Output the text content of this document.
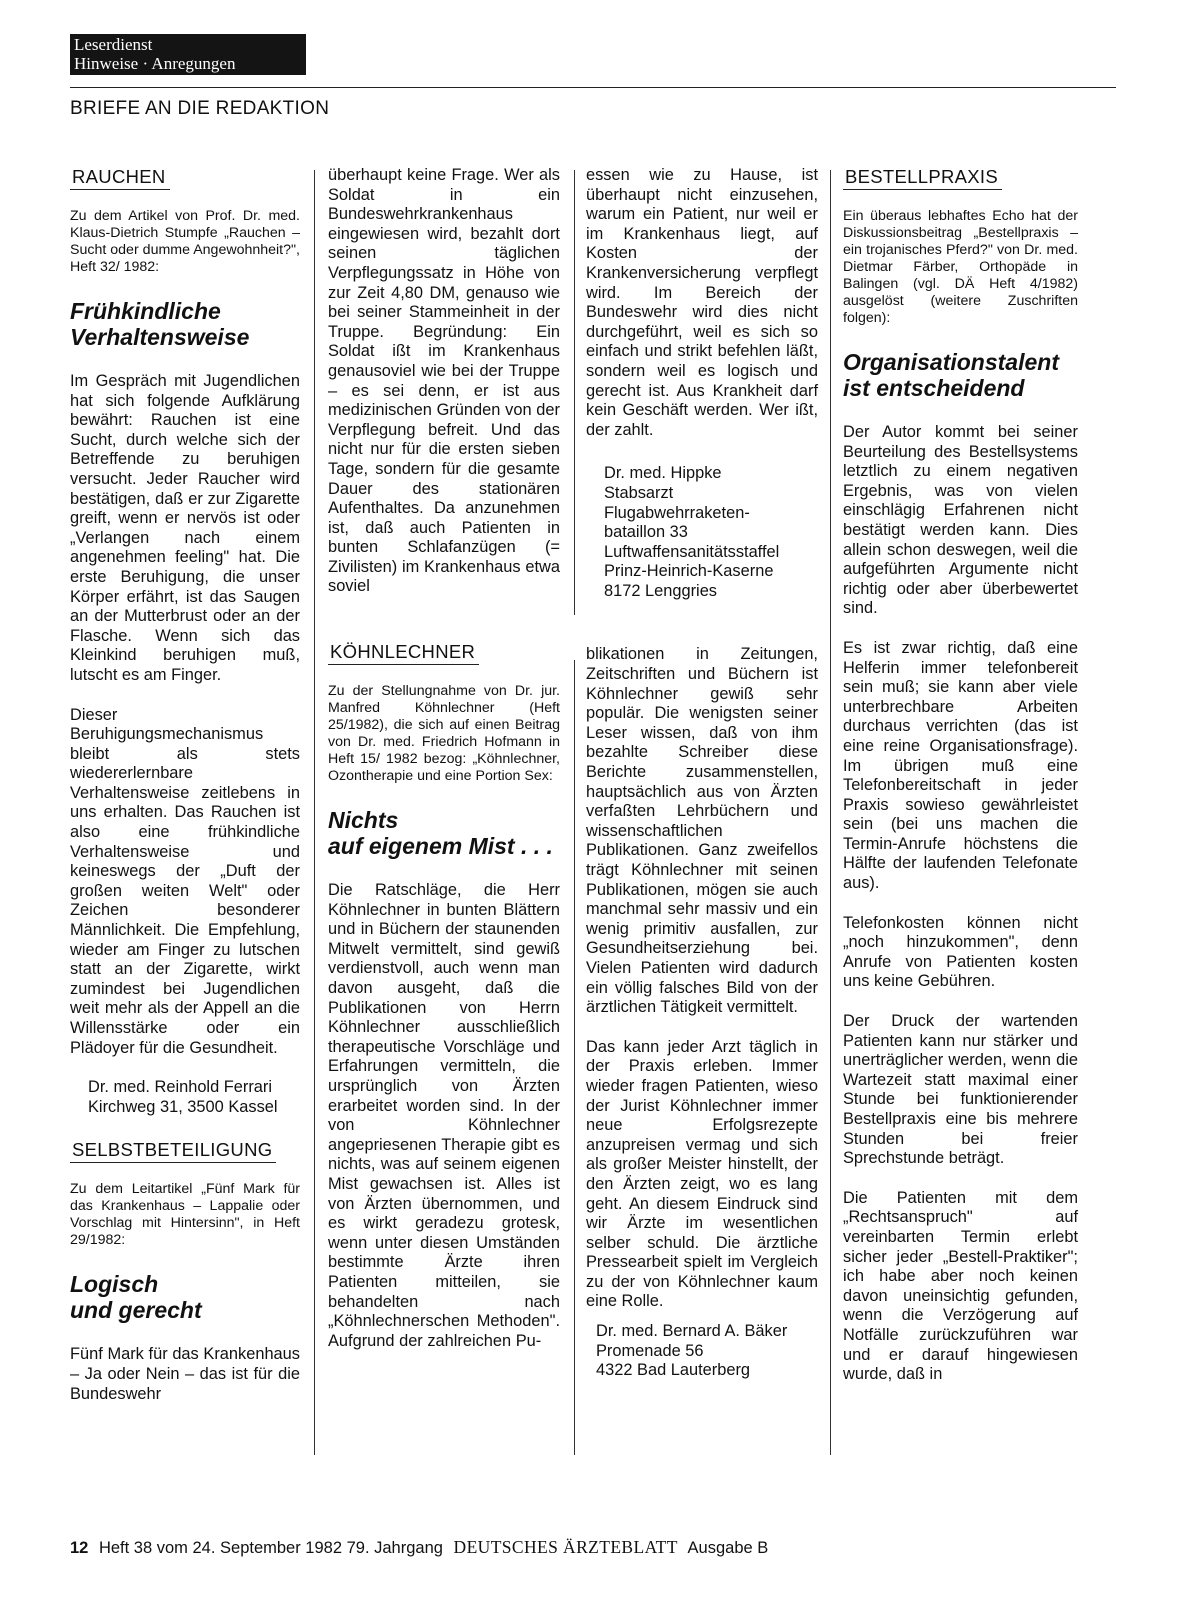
Leserdienst
Hinweise · Anregungen
BRIEFE AN DIE REDAKTION
RAUCHEN
Zu dem Artikel von Prof. Dr. med. Klaus-Dietrich Stumpfe „Rauchen – Sucht oder dumme Angewohnheit?", Heft 32/ 1982:
Frühkindliche
Verhaltensweise

Im Gespräch mit Jugendlichen hat sich folgende Aufklärung bewährt: Rauchen ist eine Sucht, durch welche sich der Betreffende zu beruhigen versucht. Jeder Raucher wird bestätigen, daß er zur Zigarette greift, wenn er nervös ist oder „Verlangen nach einem angenehmen feeling" hat. Die erste Beruhigung, die unser Körper erfährt, ist das Saugen an der Mutterbrust oder an der Flasche. Wenn sich das Kleinkind beruhigen muß, lutscht es am Finger.

Dieser Beruhigungsmechanismus bleibt als stets wiedererlernbare Verhaltensweise zeitlebens in uns erhalten. Das Rauchen ist also eine frühkindliche Verhaltensweise und keineswegs der „Duft der großen weiten Welt" oder Zeichen besonderer Männlichkeit. Die Empfehlung, wieder am Finger zu lutschen statt an der Zigarette, wirkt zumindest bei Jugendlichen weit mehr als der Appell an die Willensstärke oder ein Plädoyer für die Gesundheit.

Dr. med. Reinhold Ferrari
Kirchweg 31, 3500 Kassel

SELBSTBETEILIGUNG
Zu dem Leitartikel „Fünf Mark für das Krankenhaus – Lappalie oder Vorschlag mit Hintersinn", in Heft 29/1982:
Logisch
und gerecht

Fünf Mark für das Krankenhaus – Ja oder Nein – das ist für die Bundeswehr

überhaupt keine Frage. Wer als Soldat in ein Bundeswehrkrankenhaus eingewiesen wird, bezahlt dort seinen täglichen Verpflegungssatz in Höhe von zur Zeit 4,80 DM, genauso wie bei seiner Stammeinheit in der Truppe. Begründung: Ein Soldat ißt im Krankenhaus genausoviel wie bei der Truppe – es sei denn, er ist aus medizinischen Gründen von der Verpflegung befreit. Und das nicht nur für die ersten sieben Tage, sondern für die gesamte Dauer des stationären Aufenthaltes. Da anzunehmen ist, daß auch Patienten in bunten Schlafanzügen (= Zivilisten) im Krankenhaus etwa soviel

KÖHNLECHNER
Zu der Stellungnahme von Dr. jur. Manfred Köhnlechner (Heft 25/1982), die sich auf einen Beitrag von Dr. med. Friedrich Hofmann in Heft 15/ 1982 bezog: „Köhnlechner, Ozontherapie und eine Portion Sex:
Nichts
auf eigenem Mist . . .

Die Ratschläge, die Herr Köhnlechner in bunten Blättern und in Büchern der staunenden Mitwelt vermittelt, sind gewiß verdienstvoll, auch wenn man davon ausgeht, daß die Publikationen von Herrn Köhnlechner ausschließlich therapeutische Vorschläge und Erfahrungen vermitteln, die ursprünglich von Ärzten erarbeitet worden sind. In der von Köhnlechner angepriesenen Therapie gibt es nichts, was auf seinem eigenen Mist gewachsen ist. Alles ist von Ärzten übernommen, und es wirkt geradezu grotesk, wenn unter diesen Umständen bestimmte Ärzte ihren Patienten mitteilen, sie behandelten nach „Köhnlechnerschen Methoden". Aufgrund der zahlreichen Pu-

essen wie zu Hause, ist überhaupt nicht einzusehen, warum ein Patient, nur weil er im Krankenhaus liegt, auf Kosten der Krankenversicherung verpflegt wird. Im Bereich der Bundeswehr wird dies nicht durchgeführt, weil es sich so einfach und strikt befehlen läßt, sondern weil es logisch und gerecht ist. Aus Krankheit darf kein Geschäft werden. Wer ißt, der zahlt.

Dr. med. Hippke
Stabsarzt
Flugabwehrraketen-
bataillon 33
Luftwaffensanitätsstaffel
Prinz-Heinrich-Kaserne
8172 Lenggries

blikationen in Zeitungen, Zeitschriften und Büchern ist Köhnlechner gewiß sehr populär. Die wenigsten seiner Leser wissen, daß von ihm bezahlte Schreiber diese Berichte zusammenstellen, hauptsächlich aus von Ärzten verfaßten Lehrbüchern und wissenschaftlichen Publikationen. Ganz zweifellos trägt Köhnlechner mit seinen Publikationen, mögen sie auch manchmal sehr massiv und ein wenig primitiv ausfallen, zur Gesundheitserziehung bei. Vielen Patienten wird dadurch ein völlig falsches Bild von der ärztlichen Tätigkeit vermittelt.

Das kann jeder Arzt täglich in der Praxis erleben. Immer wieder fragen Patienten, wieso der Jurist Köhnlechner immer neue Erfolgsrezepte anzupreisen vermag und sich als großer Meister hinstellt, der den Ärzten zeigt, wo es lang geht. An diesem Eindruck sind wir Ärzte im wesentlichen selber schuld. Die ärztliche Pressearbeit spielt im Vergleich zu der von Köhnlechner kaum eine Rolle.

Dr. med. Bernard A. Bäker
Promenade 56
4322 Bad Lauterberg

BESTELLPRAXIS
Ein überaus lebhaftes Echo hat der Diskussionsbeitrag „Bestellpraxis – ein trojanisches Pferd?" von Dr. med. Dietmar Färber, Orthopäde in Balingen (vgl. DÄ Heft 4/1982) ausgelöst (weitere Zuschriften folgen):
Organisationstalent
ist entscheidend

Der Autor kommt bei seiner Beurteilung des Bestellsystems letztlich zu einem negativen Ergebnis, was von vielen einschlägig Erfahrenen nicht bestätigt werden kann. Dies allein schon deswegen, weil die aufgeführten Argumente nicht richtig oder aber überbewertet sind.

Es ist zwar richtig, daß eine Helferin immer telefonbereit sein muß; sie kann aber viele unterbrechbare Arbeiten durchaus verrichten (das ist eine reine Organisationsfrage). Im übrigen muß eine Telefonbereitschaft in jeder Praxis sowieso gewährleistet sein (bei uns machen die Termin-Anrufe höchstens die Hälfte der laufenden Telefonate aus).

Telefonkosten können nicht „noch hinzukommen", denn Anrufe von Patienten kosten uns keine Gebühren.

Der Druck der wartenden Patienten kann nur stärker und unerträglicher werden, wenn die Wartezeit statt maximal einer Stunde bei funktionierender Bestellpraxis eine bis mehrere Stunden bei freier Sprechstunde beträgt.

Die Patienten mit dem „Rechtsanspruch" auf vereinbarten Termin erlebt sicher jeder „Bestell-Praktiker"; ich habe aber noch keinen davon uneinsichtig gefunden, wenn die Verzögerung auf Notfälle zurückzuführen war und er darauf hingewiesen wurde, daß in

12 Heft 38 vom 24. September 1982 79. Jahrgang DEUTSCHES ÄRZTEBLATT Ausgabe B
